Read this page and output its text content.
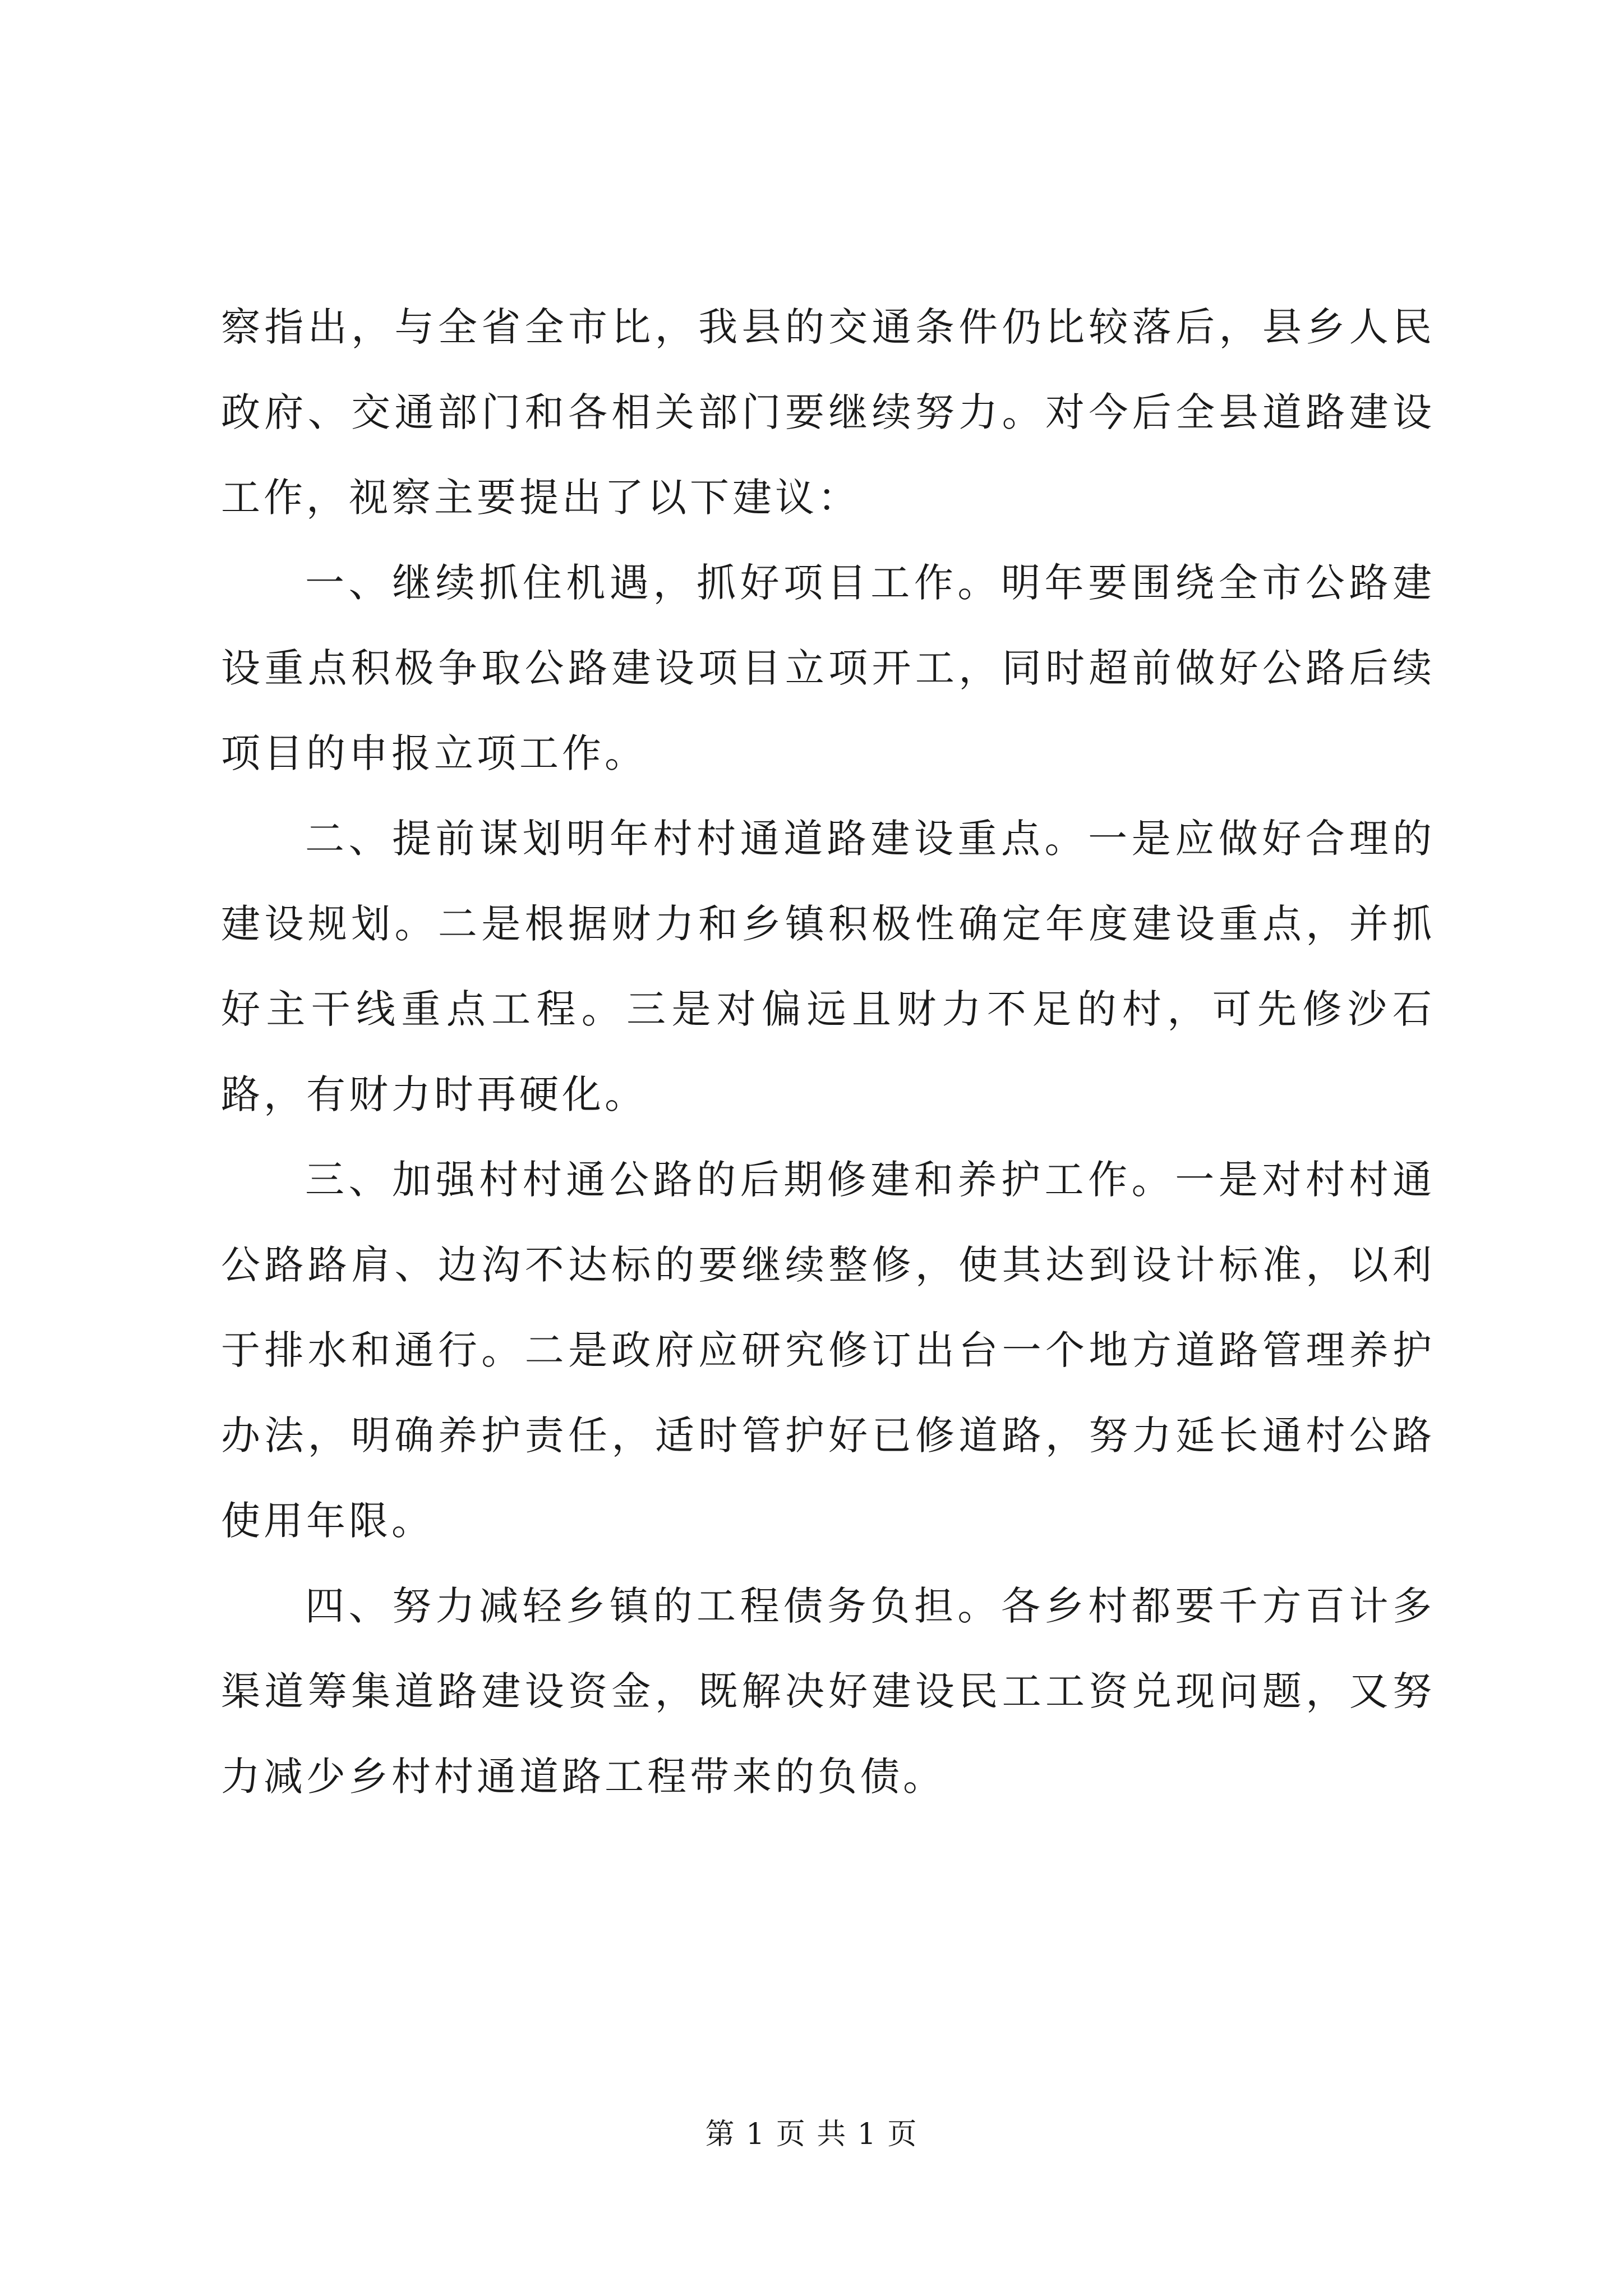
察指出，与全省全市比，我县的交通条件仍比较落后，县乡人民政府、交通部门和各相关部门要继续努力。对今后全县道路建设工作，视察主要提出了以下建议：

一、继续抓住机遇，抓好项目工作。明年要围绕全市公路建设重点积极争取公路建设项目立项开工，同时超前做好公路后续项目的申报立项工作。

二、提前谋划明年村村通道路建设重点。一是应做好合理的建设规划。二是根据财力和乡镇积极性确定年度建设重点，并抓好主干线重点工程。三是对偏远且财力不足的村，可先修沙石路，有财力时再硬化。

三、加强村村通公路的后期修建和养护工作。一是对村村通公路路肩、边沟不达标的要继续整修，使其达到设计标准，以利于排水和通行。二是政府应研究修订出台一个地方道路管理养护办法，明确养护责任，适时管护好已修道路，努力延长通村公路使用年限。

四、努力减轻乡镇的工程债务负担。各乡村都要千方百计多渠道筹集道路建设资金，既解决好建设民工工资兑现问题，又努力减少乡村村通道路工程带来的负债。

第 1 页 共 1 页
